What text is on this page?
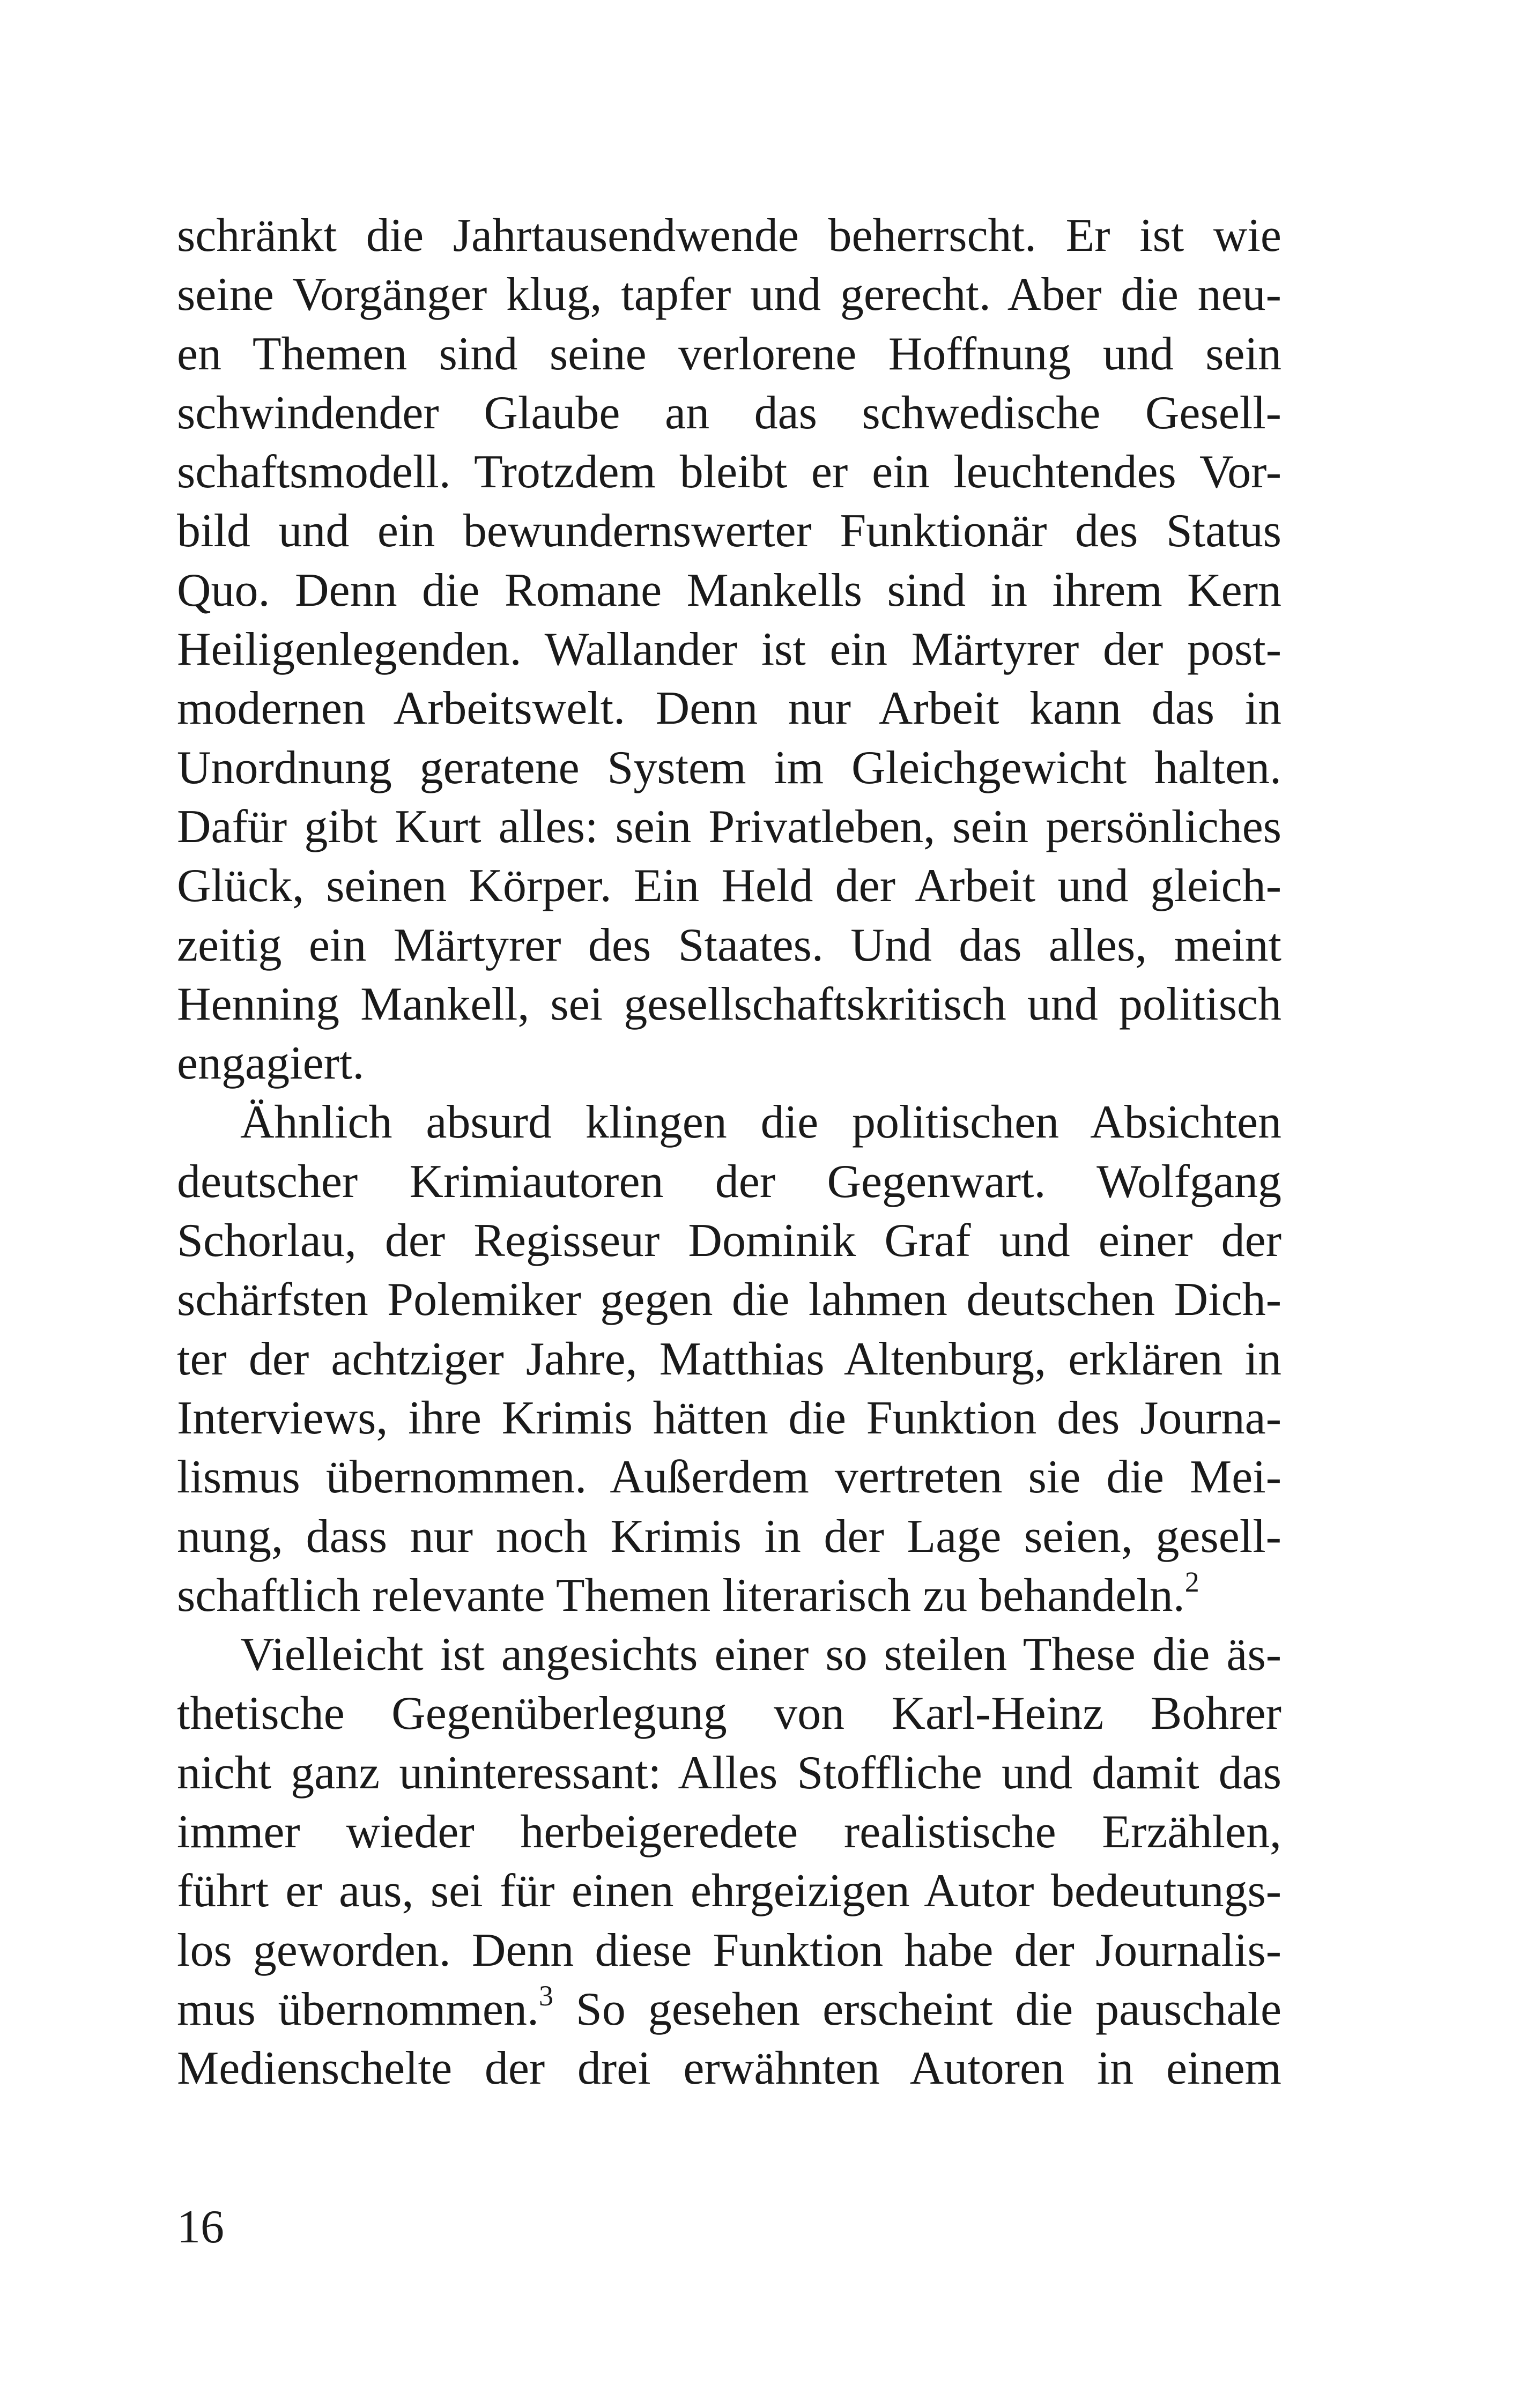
schränkt die Jahrtausendwende beherrscht. Er ist wie
seine Vorgänger klug, tapfer und gerecht. Aber die neu-
en Themen sind seine verlorene Hoffnung und sein
schwindender Glaube an das schwedische Gesell-
schaftsmodell. Trotzdem bleibt er ein leuchtendes Vor-
bild und ein bewundernswerter Funktionär des Status
Quo. Denn die Romane Mankells sind in ihrem Kern
Heiligenlegenden. Wallander ist ein Märtyrer der post-
modernen Arbeitswelt. Denn nur Arbeit kann das in
Unordnung geratene System im Gleichgewicht halten.
Dafür gibt Kurt alles: sein Privatleben, sein persönliches
Glück, seinen Körper. Ein Held der Arbeit und gleich-
zeitig ein Märtyrer des Staates. Und das alles, meint
Henning Mankell, sei gesellschaftskritisch und politisch
engagiert.
Ähnlich absurd klingen die politischen Absichten
deutscher Krimiautoren der Gegenwart. Wolfgang
Schorlau, der Regisseur Dominik Graf und einer der
schärfsten Polemiker gegen die lahmen deutschen Dich-
ter der achtziger Jahre, Matthias Altenburg, erklären in
Interviews, ihre Krimis hätten die Funktion des Journa-
lismus übernommen. Außerdem vertreten sie die Mei-
nung, dass nur noch Krimis in der Lage seien, gesell-
schaftlich relevante Themen literarisch zu behandeln.$^2$
Vielleicht ist angesichts einer so steilen These die äs-
thetische Gegenüberlegung von Karl-Heinz Bohrer
nicht ganz uninteressant: Alles Stoffliche und damit das
immer wieder herbeigeredete realistische Erzählen,
führt er aus, sei für einen ehrgeizigen Autor bedeutungs-
los geworden. Denn diese Funktion habe der Journalis-
mus übernommen.$^3$ So gesehen erscheint die pauschale
Medienschelte der drei erwähnten Autoren in einem
16
